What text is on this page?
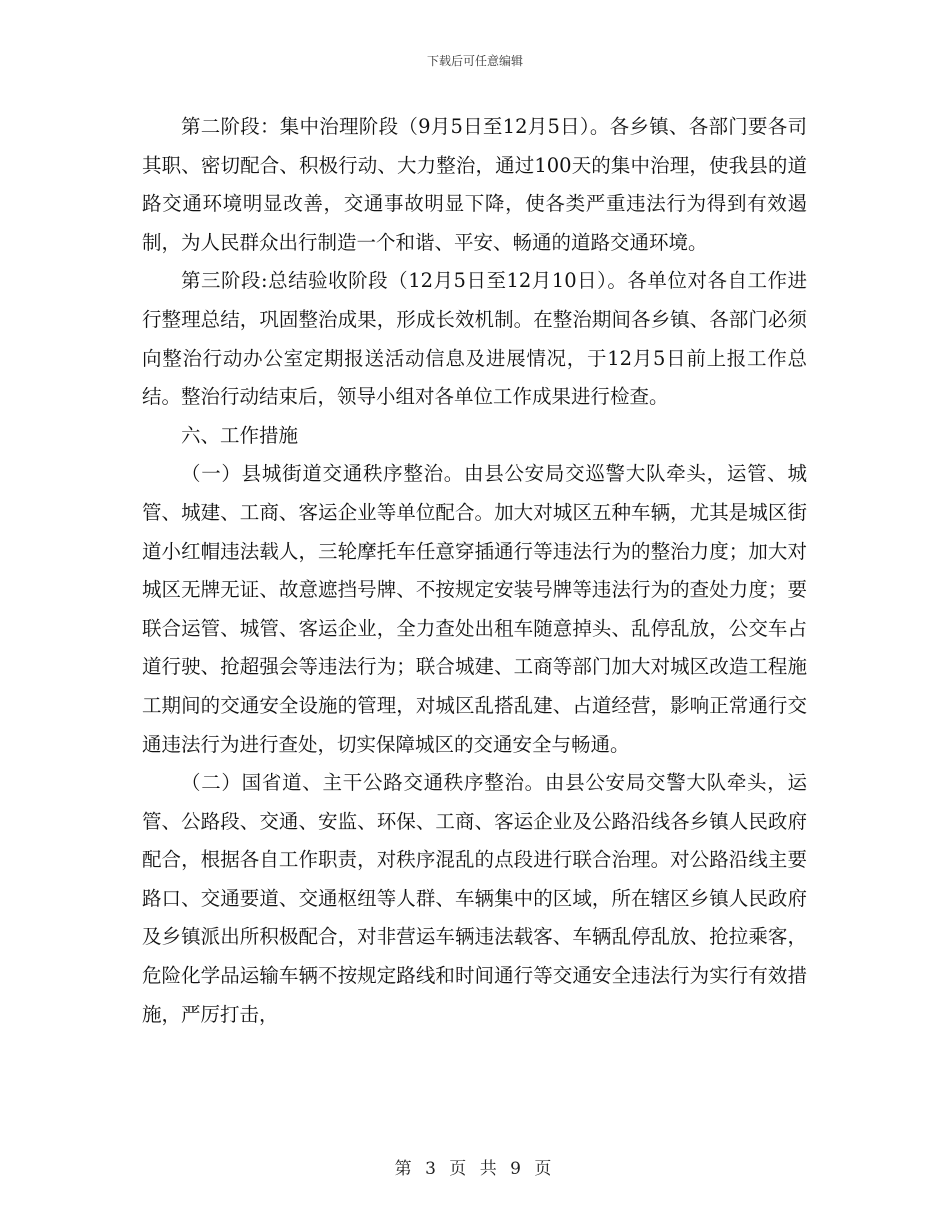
下载后可任意编辑

第二阶段：集中治理阶段（9月5日至12月5日）。各乡镇、各部门要各司其职、密切配合、积极行动、大力整治，通过100天的集中治理，使我县的道路交通环境明显改善，交通事故明显下降，使各类严重违法行为得到有效遏制，为人民群众出行制造一个和谐、平安、畅通的道路交通环境。

第三阶段:总结验收阶段（12月5日至12月10日）。各单位对各自工作进行整理总结，巩固整治成果，形成长效机制。在整治期间各乡镇、各部门必须向整治行动办公室定期报送活动信息及进展情况，于12月5日前上报工作总结。整治行动结束后，领导小组对各单位工作成果进行检查。

六、工作措施

（一）县城街道交通秩序整治。由县公安局交巡警大队牵头，运管、城管、城建、工商、客运企业等单位配合。加大对城区五种车辆，尤其是城区街道小红帽违法载人，三轮摩托车任意穿插通行等违法行为的整治力度；加大对城区无牌无证、故意遮挡号牌、不按规定安装号牌等违法行为的查处力度；要联合运管、城管、客运企业，全力查处出租车随意掉头、乱停乱放，公交车占道行驶、抢超强会等违法行为；联合城建、工商等部门加大对城区改造工程施工期间的交通安全设施的管理，对城区乱搭乱建、占道经营，影响正常通行交通违法行为进行查处，切实保障城区的交通安全与畅通。

（二）国省道、主干公路交通秩序整治。由县公安局交警大队牵头，运管、公路段、交通、安监、环保、工商、客运企业及公路沿线各乡镇人民政府配合，根据各自工作职责，对秩序混乱的点段进行联合治理。对公路沿线主要路口、交通要道、交通枢纽等人群、车辆集中的区域，所在辖区乡镇人民政府及乡镇派出所积极配合，对非营运车辆违法载客、车辆乱停乱放、抢拉乘客，危险化学品运输车辆不按规定路线和时间通行等交通安全违法行为实行有效措施，严厉打击，

第 3 页 共 9 页
